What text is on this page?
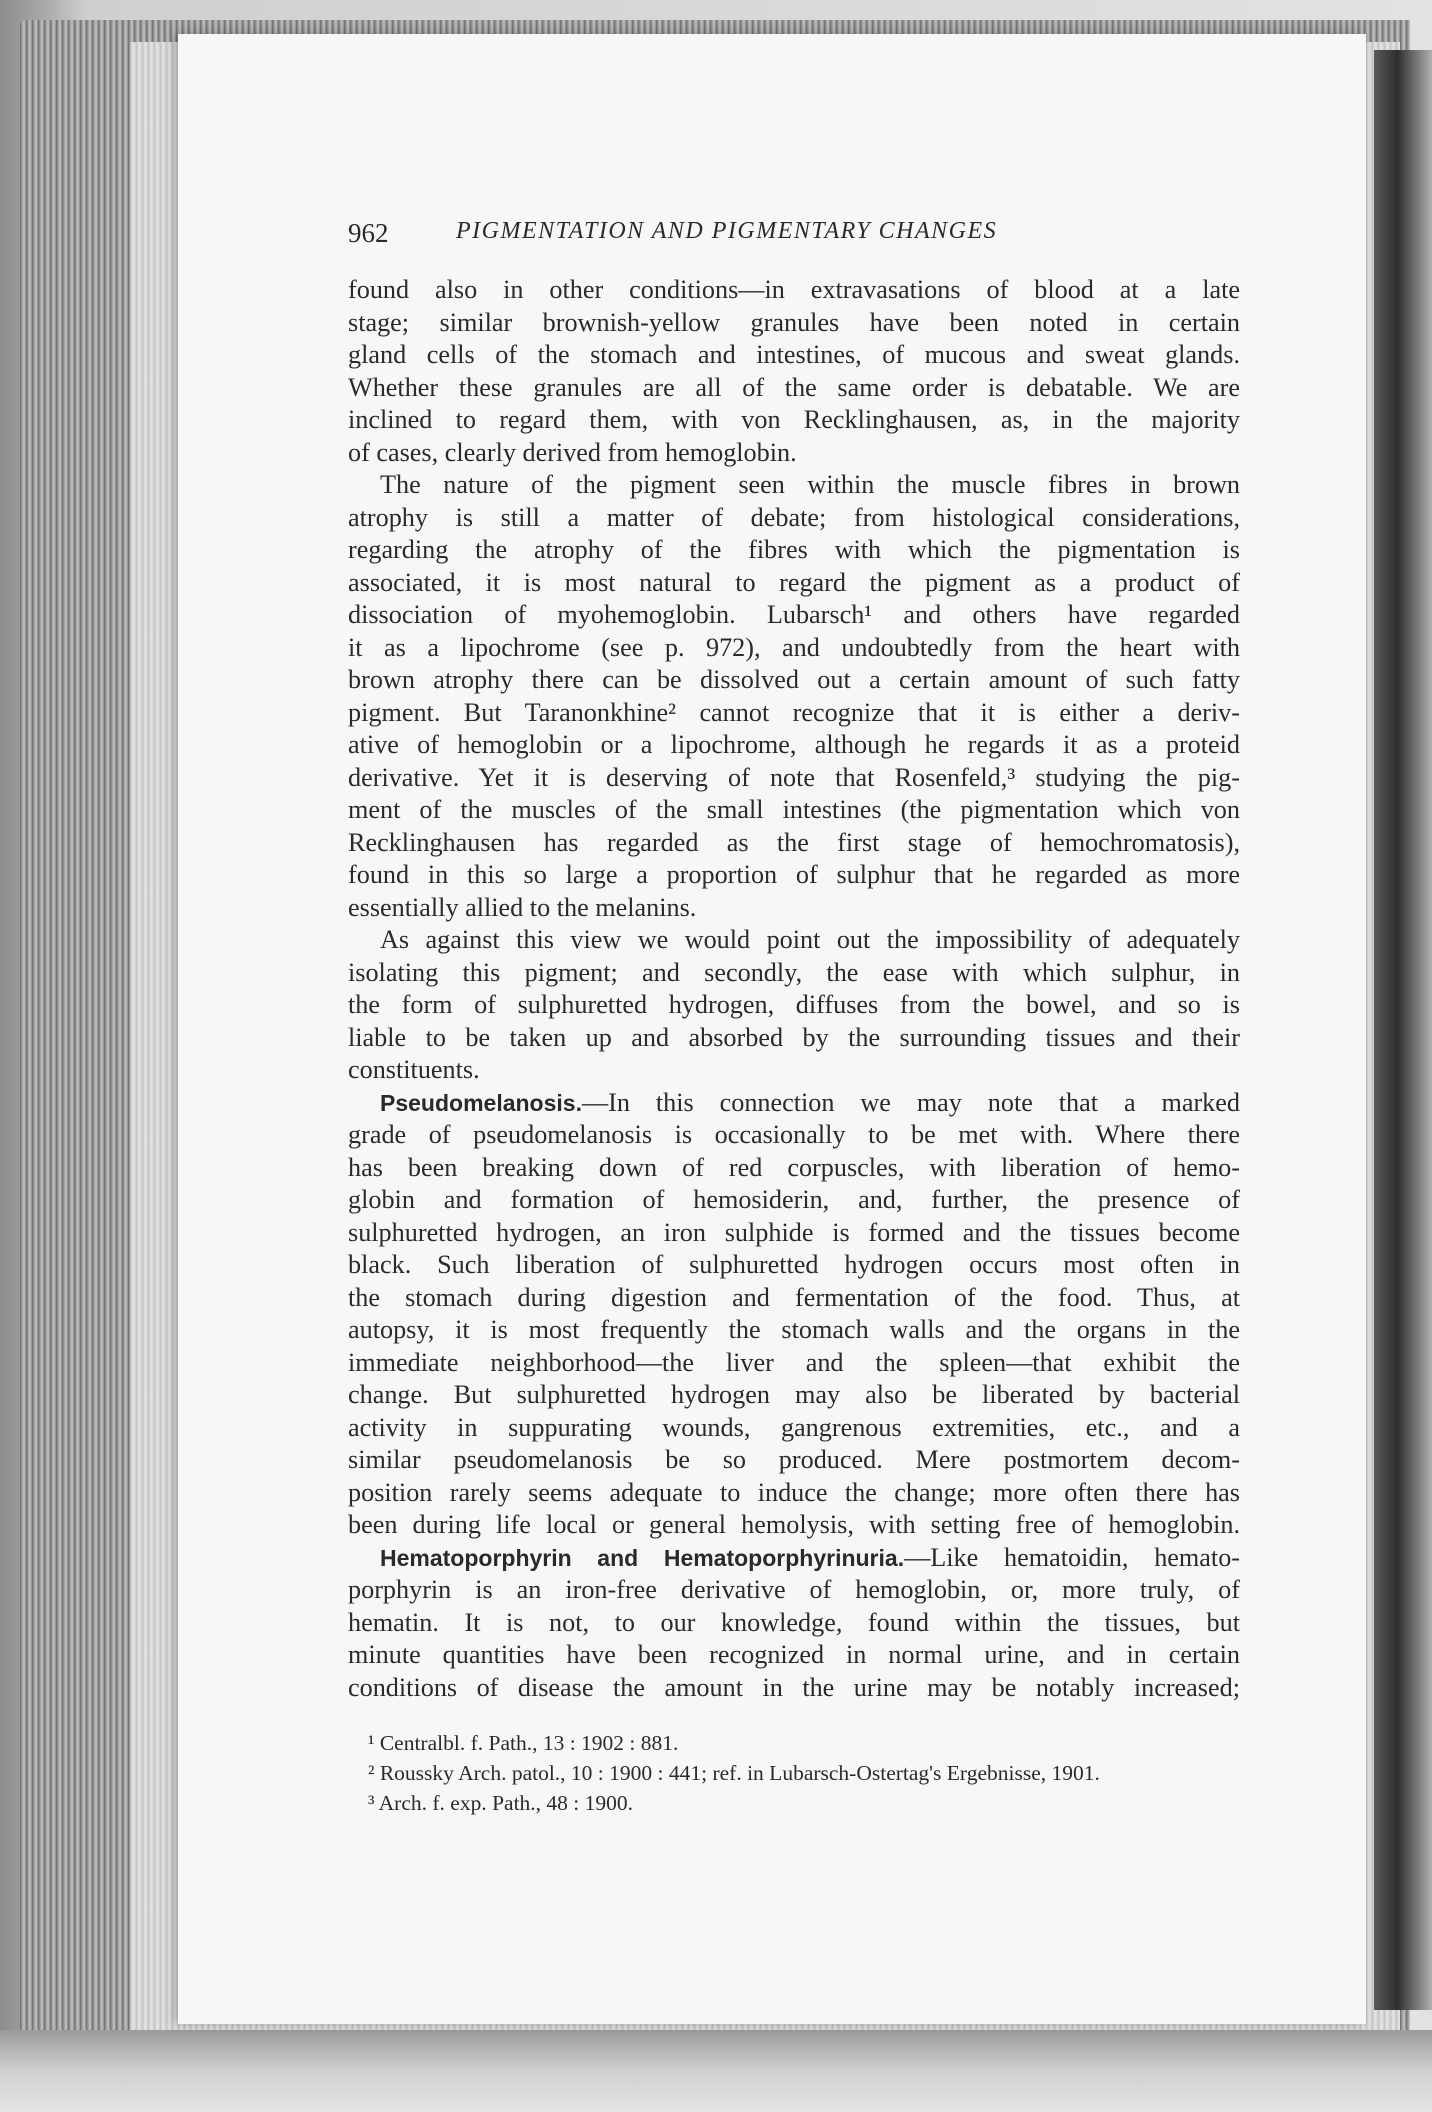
962	PIGMENTATION AND PIGMENTARY CHANGES
found also in other conditions—in extravasations of blood at a late
stage; similar brownish-yellow granules have been noted in certain
gland cells of the stomach and intestines, of mucous and sweat glands.
Whether these granules are all of the same order is debatable. We are
inclined to regard them, with von Recklinghausen, as, in the majority
of cases, clearly derived from hemoglobin.
The nature of the pigment seen within the muscle fibres in brown
atrophy is still a matter of debate; from histological considerations,
regarding the atrophy of the fibres with which the pigmentation is
associated, it is most natural to regard the pigment as a product of
dissociation of myohemoglobin. Lubarsch¹ and others have regarded
it as a lipochrome (see p. 972), and undoubtedly from the heart with
brown atrophy there can be dissolved out a certain amount of such fatty
pigment. But Taranonkhine² cannot recognize that it is either a deriv-
ative of hemoglobin or a lipochrome, although he regards it as a proteid
derivative. Yet it is deserving of note that Rosenfeld,³ studying the pig-
ment of the muscles of the small intestines (the pigmentation which von
Recklinghausen has regarded as the first stage of hemochromatosis),
found in this so large a proportion of sulphur that he regarded as more
essentially allied to the melanins.
As against this view we would point out the impossibility of adequately
isolating this pigment; and secondly, the ease with which sulphur, in
the form of sulphuretted hydrogen, diffuses from the bowel, and so is
liable to be taken up and absorbed by the surrounding tissues and their
constituents.
Pseudomelanosis.—In this connection we may note that a marked
grade of pseudomelanosis is occasionally to be met with. Where there
has been breaking down of red corpuscles, with liberation of hemo-
globin and formation of hemosiderin, and, further, the presence of
sulphuretted hydrogen, an iron sulphide is formed and the tissues become
black. Such liberation of sulphuretted hydrogen occurs most often in
the stomach during digestion and fermentation of the food. Thus, at
autopsy, it is most frequently the stomach walls and the organs in the
immediate neighborhood—the liver and the spleen—that exhibit the
change. But sulphuretted hydrogen may also be liberated by bacterial
activity in suppurating wounds, gangrenous extremities, etc., and a
similar pseudomelanosis be so produced. Mere postmortem decom-
position rarely seems adequate to induce the change; more often there has
been during life local or general hemolysis, with setting free of hemoglobin.
Hematoporphyrin and Hematoporphyrinuria.—Like hematoidin, hemato-
porphyrin is an iron-free derivative of hemoglobin, or, more truly, of
hematin. It is not, to our knowledge, found within the tissues, but
minute quantities have been recognized in normal urine, and in certain
conditions of disease the amount in the urine may be notably increased;
¹ Centralbl. f. Path., 13 : 1902 : 881.
² Roussky Arch. patol., 10 : 1900 : 441; ref. in Lubarsch-Ostertag's Ergebnisse, 1901.
³ Arch. f. exp. Path., 48 : 1900.
